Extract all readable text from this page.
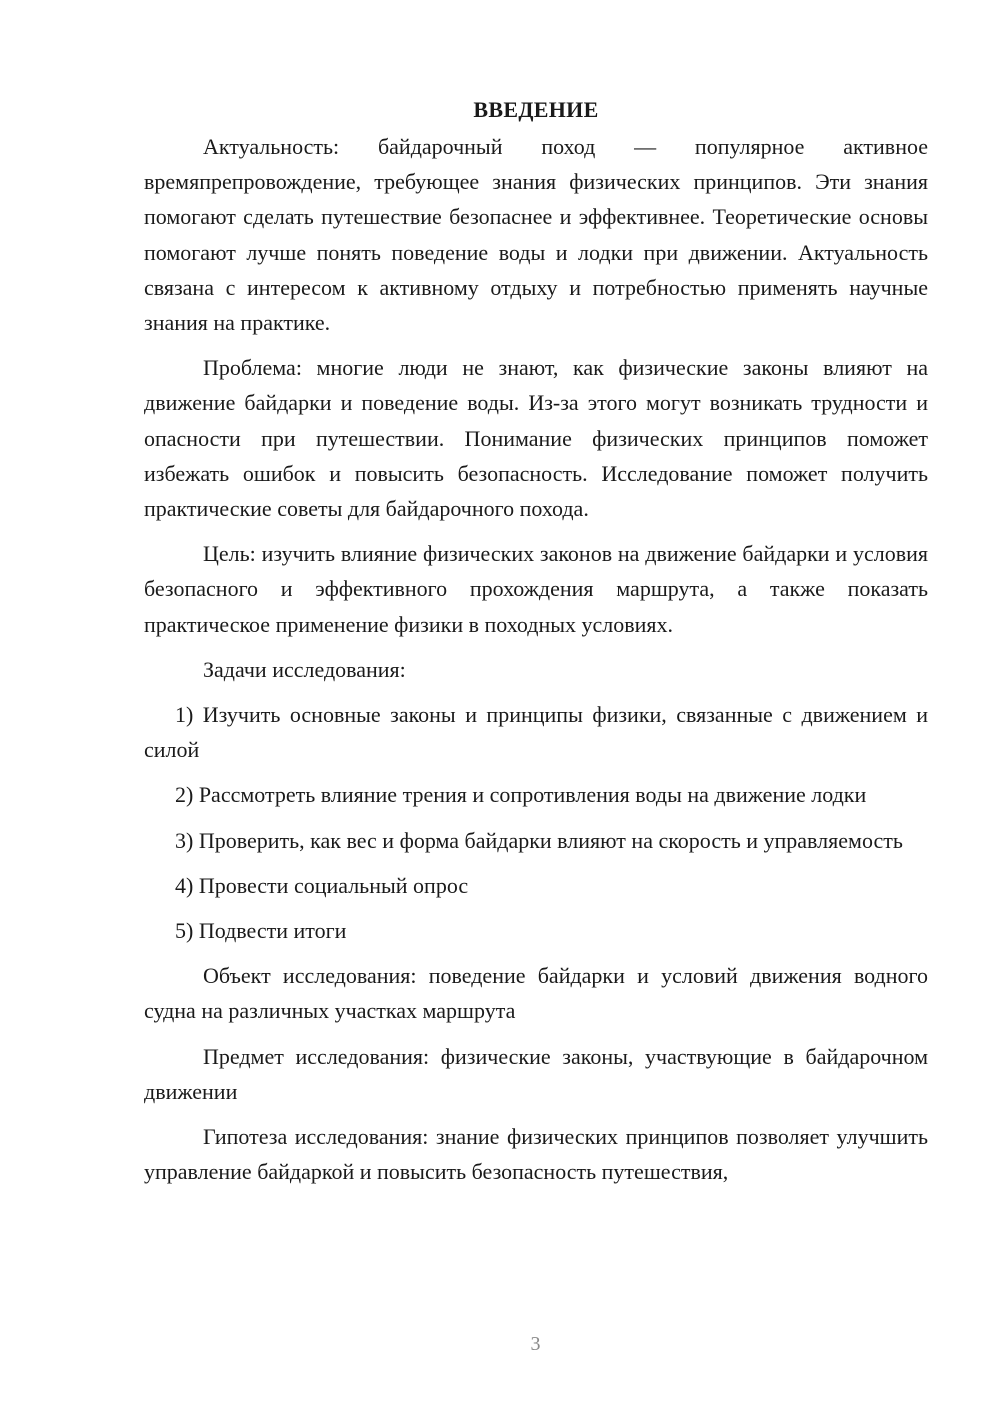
ВВЕДЕНИЕ

Актуальность: байдарочный поход — популярное активное времяпрепровождение, требующее знания физических принципов. Эти знания помогают сделать путешествие безопаснее и эффективнее. Теоретические основы помогают лучше понять поведение воды и лодки при движении. Актуальность связана с интересом к активному отдыху и потребностью применять научные знания на практике.

Проблема: многие люди не знают, как физические законы влияют на движение байдарки и поведение воды. Из-за этого могут возникать трудности и опасности при путешествии. Понимание физических принципов поможет избежать ошибок и повысить безопасность. Исследование поможет получить практические советы для байдарочного похода.

Цель: изучить влияние физических законов на движение байдарки и условия безопасного и эффективного прохождения маршрута, а также показать практическое применение физики в походных условиях.

Задачи исследования:

1) Изучить основные законы и принципы физики, связанные с движением и силой

2) Рассмотреть влияние трения и сопротивления воды на движение лодки

3) Проверить, как вес и форма байдарки влияют на скорость и управляемость

4) Провести социальный опрос

5) Подвести итоги

Объект исследования: поведение байдарки и условий движения водного судна на различных участках маршрута

Предмет исследования: физические законы, участвующие в байдарочном движении

Гипотеза исследования: знание физических принципов позволяет улучшить управление байдаркой и повысить безопасность путешествия,

3
